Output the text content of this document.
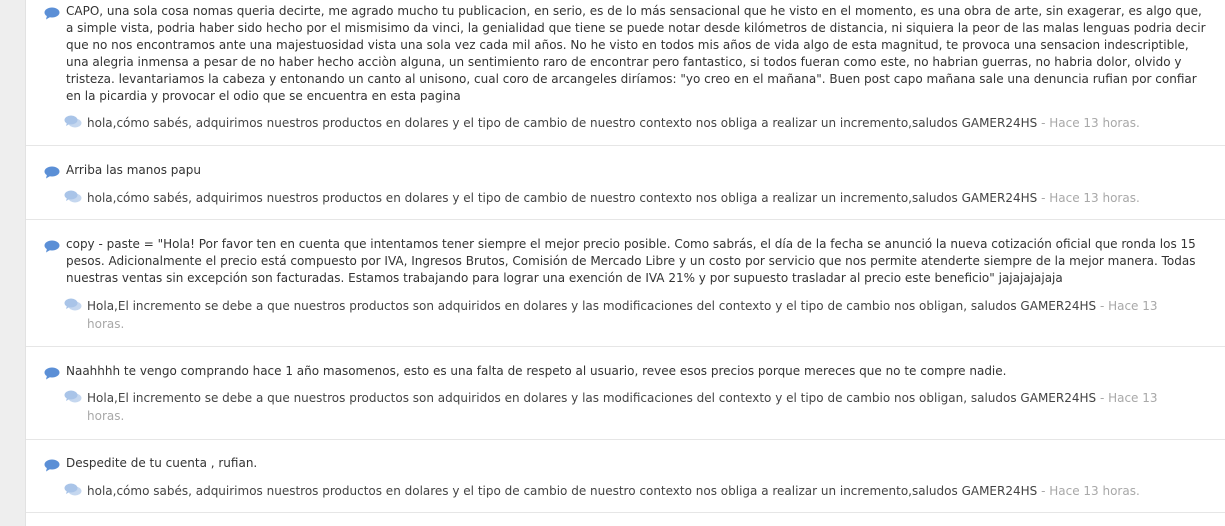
CAPO, una sola cosa nomas queria decirte, me agrado mucho tu publicacion, en serio, es de lo más sensacional que he visto en el momento, es una obra de arte, sin exagerar, es algo que, a simple vista, podria haber sido hecho por el mismisimo da vinci, la genialidad que tiene se puede notar desde kilómetros de distancia, ni siquiera la peor de las malas lenguas podria decir que no nos encontramos ante una majestuosidad vista una sola vez cada mil años. No he visto en todos mis años de vida algo de esta magnitud, te provoca una sensacion indescriptible, una alegria inmensa a pesar de no haber hecho acciòn alguna, un sentimiento raro de encontrar pero fantastico, si todos fueran como este, no habrian guerras, no habria dolor, olvido y tristeza. levantariamos la cabeza y entonando un canto al unisono, cual coro de arcangeles diríamos: "yo creo en el mañana". Buen post capo mañana sale una denuncia rufian por confiar en la picardia y provocar el odio que se encuentra en esta pagina
hola,cómo sabés, adquirimos nuestros productos en dolares y el tipo de cambio de nuestro contexto nos obliga a realizar un incremento,saludos GAMER24HS - Hace 13 horas.
Arriba las manos papu
hola,cómo sabés, adquirimos nuestros productos en dolares y el tipo de cambio de nuestro contexto nos obliga a realizar un incremento,saludos GAMER24HS - Hace 13 horas.
copy - paste = "Hola! Por favor ten en cuenta que intentamos tener siempre el mejor precio posible. Como sabrás, el día de la fecha se anunció la nueva cotización oficial que ronda los 15 pesos. Adicionalmente el precio está compuesto por IVA, Ingresos Brutos, Comisión de Mercado Libre y un costo por servicio que nos permite atenderte siempre de la mejor manera. Todas nuestras ventas sin excepción son facturadas. Estamos trabajando para lograr una exención de IVA 21% y por supuesto trasladar al precio este beneficio" jajajajajaja
Hola,El incremento se debe a que nuestros productos son adquiridos en dolares y las modificaciones del contexto y el tipo de cambio nos obligan, saludos GAMER24HS - Hace 13 horas.
Naahhhh te vengo comprando hace 1 año masomenos, esto es una falta de respeto al usuario, revee esos precios porque mereces que no te compre nadie.
Hola,El incremento se debe a que nuestros productos son adquiridos en dolares y las modificaciones del contexto y el tipo de cambio nos obligan, saludos GAMER24HS - Hace 13 horas.
Despedite de tu cuenta , rufian.
hola,cómo sabés, adquirimos nuestros productos en dolares y el tipo de cambio de nuestro contexto nos obliga a realizar un incremento,saludos GAMER24HS - Hace 13 horas.
